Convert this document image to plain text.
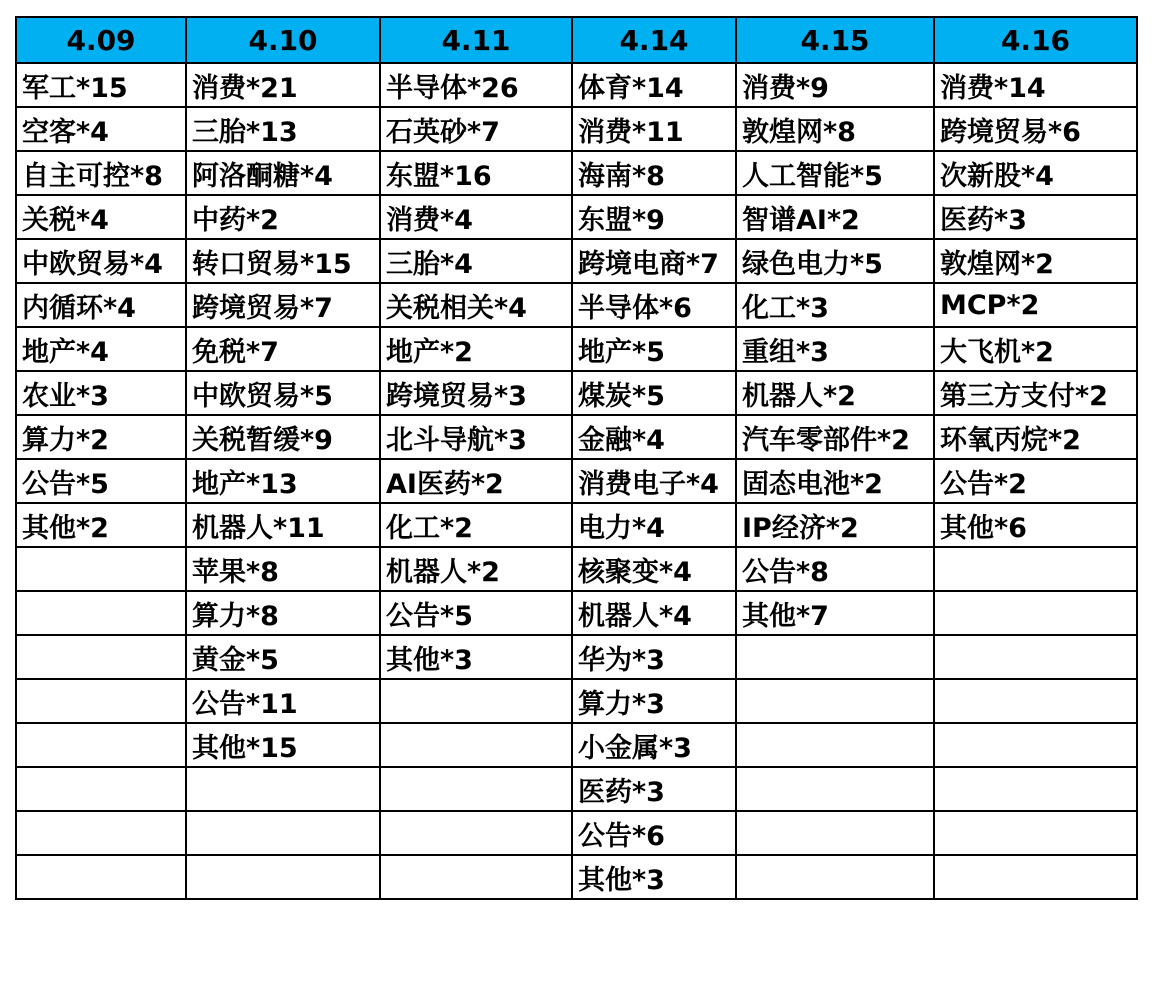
4.09	4.10	4.11	4.14	4.15	4.16
军工*15	消费*21	半导体*26	体育*14	消费*9	消费*14
空客*4	三胎*13	石英砂*7	消费*11	敦煌网*8	跨境贸易*6
自主可控*8	阿洛酮糖*4	东盟*16	海南*8	人工智能*5	次新股*4
关税*4	中药*2	消费*4	东盟*9	智谱AI*2	医药*3
中欧贸易*4	转口贸易*15	三胎*4	跨境电商*7	绿色电力*5	敦煌网*2
内循环*4	跨境贸易*7	关税相关*4	半导体*6	化工*3	MCP*2
地产*4	免税*7	地产*2	地产*5	重组*3	大飞机*2
农业*3	中欧贸易*5	跨境贸易*3	煤炭*5	机器人*2	第三方支付*2
算力*2	关税暂缓*9	北斗导航*3	金融*4	汽车零部件*2	环氧丙烷*2
公告*5	地产*13	AI医药*2	消费电子*4	固态电池*2	公告*2
其他*2	机器人*11	化工*2	电力*4	IP经济*2	其他*6
	苹果*8	机器人*2	核聚变*4	公告*8	
	算力*8	公告*5	机器人*4	其他*7	
	黄金*5	其他*3	华为*3		
	公告*11		算力*3		
	其他*15		小金属*3		
			医药*3		
			公告*6		
			其他*3		
